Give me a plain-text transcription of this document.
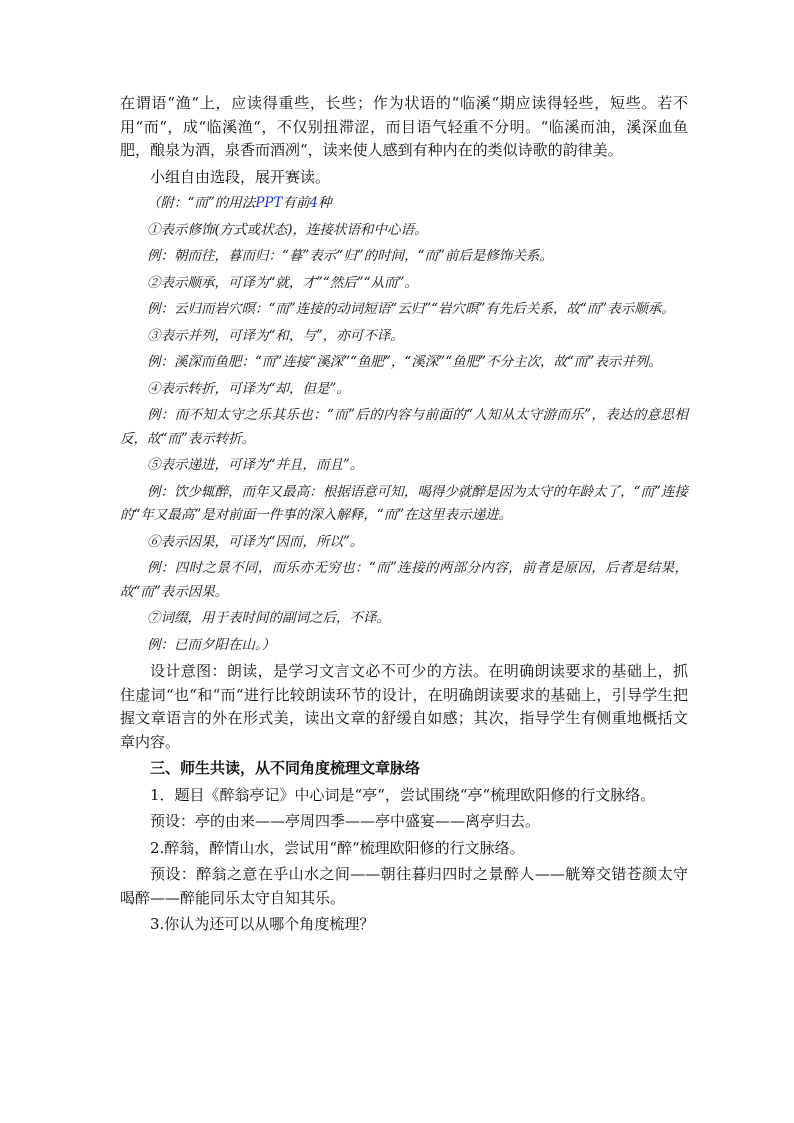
在谓语“渔“上，应读得重些，长些；作为状语的“临溪“期应读得轻些，短些。若不用“而“，成“临溪渔“，不仅别扭滞涩，而目语气轻重不分明。“临溪而油，溪深血鱼肥，酿泉为酒，泉香而酒冽“，读来使人感到有种内在的类似诗歌的韵律美。

小组自由选段，展开赛读。

（附：“而”的用法PPT有前4种

①表示修饰(方式或状态)，连接状语和中心语。

例：朝而往，暮而归：“暮”表示“归”的时间，“而”前后是修饰关系。

②表示顺承，可译为“就，才”“然后”“从而”。

例：云归而岩穴暝：“而”连接的动词短语“云归”“岩穴暝”有先后关系，故“而”表示顺承。

③表示并列，可译为“和，与”，亦可不译。

例：溪深而鱼肥：“而”连接“溪深”“鱼肥”，“溪深”“鱼肥”不分主次，故“而”表示并列。

④表示转折，可译为“却，但是”。

例：而不知太守之乐其乐也：“而”后的内容与前面的“人知从太守游而乐”，表达的意思相反，故“而”表示转折。

⑤表示递进，可译为“并且，而且”。

例：饮少辄醉，而年又最高：根据语意可知，喝得少就醉是因为太守的年龄太了，“而”连接的“年又最高”是对前面一件事的深入解释，“而”在这里表示递进。

⑥表示因果，可译为“因而，所以”。

例：四时之景不同，而乐亦无穷也：“而”连接的两部分内容，前者是原因，后者是结果，故“而”表示因果。

⑦词缀，用于表时间的副词之后，不译。

例：已而夕阳在山。）

设计意图：朗读，是学习文言文必不可少的方法。在明确朗读要求的基础上，抓住虚词“也“和“而“进行比较朗读环节的设计，在明确朗读要求的基础上，引导学生把握文章语言的外在形式美，读出文章的舒缓自如感；其次，指导学生有侧重地概括文章内容。

三、师生共读，从不同角度梳理文章脉络

1．题目《醉翁亭记》中心词是“亭“，尝试围绕“亭“梳理欧阳修的行文脉络。

预设：亭的由来——亭周四季——亭中盛宴——离亭归去。

2.醉翁，醉情山水，尝试用“醉“梳理欧阳修的行文脉络。

预设：醉翁之意在乎山水之间——朝往暮归四时之景醉人——觥筹交错苍颜太守喝醉——醉能同乐太守自知其乐。

3.你认为还可以从哪个角度梳理？
